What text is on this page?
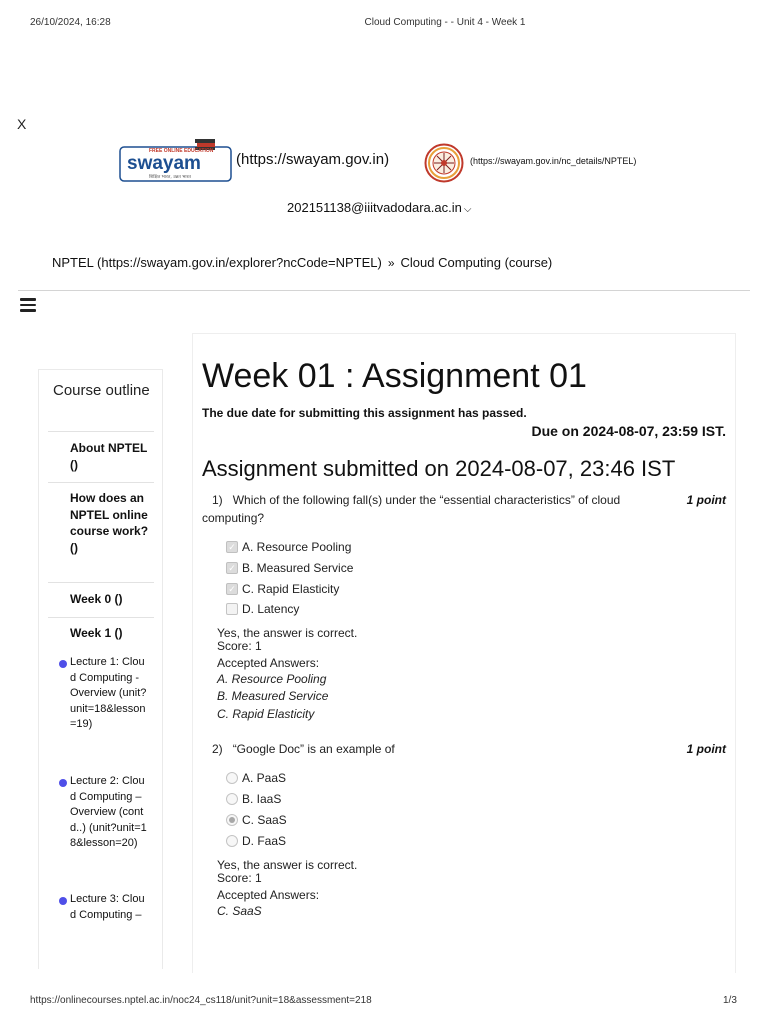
26/10/2024, 16:28	Cloud Computing - - Unit 4 - Week 1
X
FREE ONLINE EDUCATION
swayam
शिक्षित भारत, उन्नत भारत
(https://swayam.gov.in)	(https://swayam.gov.in/nc_details/NPTEL)
202151138@iiitvadodara.ac.in ⌵
NPTEL (https://swayam.gov.in/explorer?ncCode=NPTEL) » Cloud Computing (course)
Course outline
About NPTEL ()
How does an NPTEL online course work? ()
Week 0 ()
Week 1 ()
Lecture 1: Cloud Computing - Overview (unit?unit=18&lesson=19)
Lecture 2: Cloud Computing – Overview (contd..) (unit?unit=18&lesson=20)
Lecture 3: Cloud Computing –
Week 01 : Assignment 01
The due date for submitting this assignment has passed.
Due on 2024-08-07, 23:59 IST.
Assignment submitted on 2024-08-07, 23:46 IST
1) Which of the following fall(s) under the “essential characteristics” of cloud computing?
1 point
✓ A. Resource Pooling
✓ B. Measured Service
✓ C. Rapid Elasticity
D. Latency
Yes, the answer is correct.
Score: 1
Accepted Answers:
A. Resource Pooling
B. Measured Service
C. Rapid Elasticity
2) “Google Doc” is an example of	1 point
A. PaaS
B. IaaS
C. SaaS
D. FaaS
Yes, the answer is correct.
Score: 1
Accepted Answers:
C. SaaS
https://onlinecourses.nptel.ac.in/noc24_cs118/unit?unit=18&assessment=218	1/3
